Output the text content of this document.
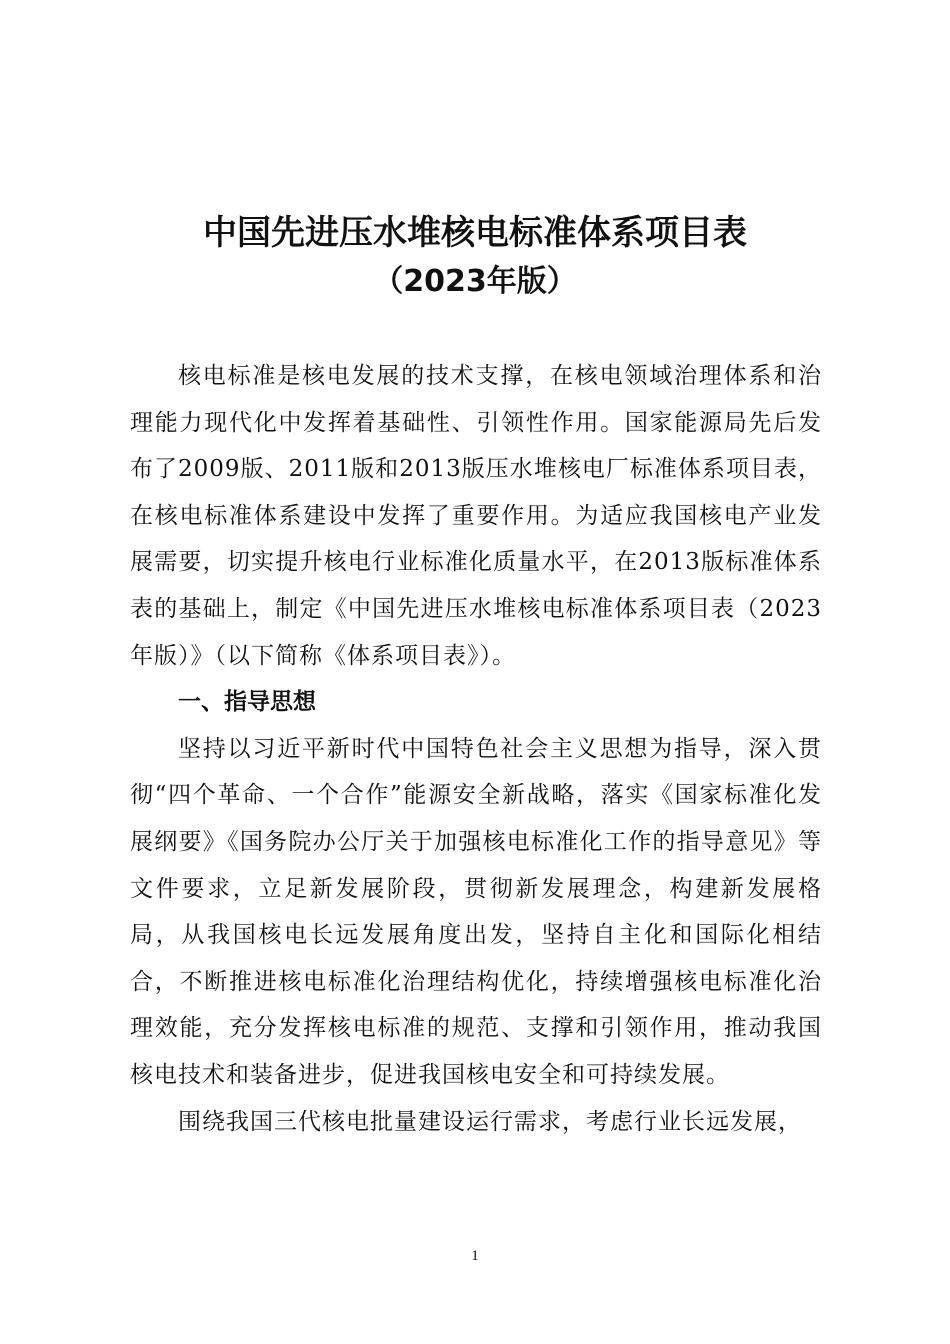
中国先进压水堆核电标准体系项目表
（2023年版）

核电标准是核电发展的技术支撑，在核电领域治理体系和治理能力现代化中发挥着基础性、引领性作用。国家能源局先后发布了2009版、2011版和2013版压水堆核电厂标准体系项目表，在核电标准体系建设中发挥了重要作用。为适应我国核电产业发展需要，切实提升核电行业标准化质量水平，在2013版标准体系表的基础上，制定《中国先进压水堆核电标准体系项目表（2023年版）》（以下简称《体系项目表》）。

一、指导思想

坚持以习近平新时代中国特色社会主义思想为指导，深入贯彻“四个革命、一个合作”能源安全新战略，落实《国家标准化发展纲要》《国务院办公厅关于加强核电标准化工作的指导意见》等文件要求，立足新发展阶段，贯彻新发展理念，构建新发展格局，从我国核电长远发展角度出发，坚持自主化和国际化相结合，不断推进核电标准化治理结构优化，持续增强核电标准化治理效能，充分发挥核电标准的规范、支撑和引领作用，推动我国核电技术和装备进步，促进我国核电安全和可持续发展。

围绕我国三代核电批量建设运行需求，考虑行业长远发展，

1
